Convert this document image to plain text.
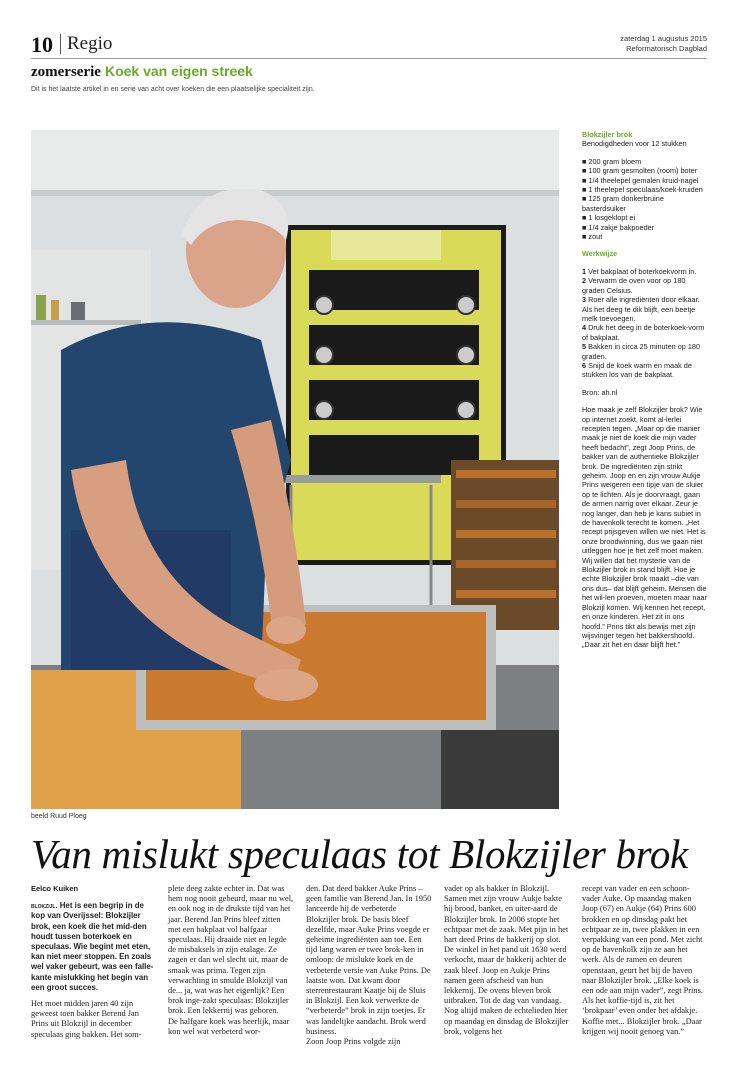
10 Regio	zaterdag 1 augustus 2015
Reformatorisch Dagblad
zomerserie Koek van eigen streek
Dit is het laatste artikel in en serie van acht over koeken die een plaatselijke specialiteit zijn.
beeld Ruud Ploeg

Blokzijler brok

Benodigdheden voor 12 stukken

■ 200 gram bloem
■ 100 gram gesmolten (room) boter
■ 1/4 theelepel gemalen kruid-nagel
■ 1 theelepel speculaas/koek-kruiden
■ 125 gram donkerbruine basterdsuiker
■ 1 losgeklopt ei
■ 1/4 zakje bakpoeder
■ zout

Werkwijze

1 Vet bakplaat of boterkoekvorm in.
2 Verwarm de oven voor op 180 graden Celsius.
3 Roer alle ingrediënten door elkaar. Als het deeg te dik blijft, een beetje melk toevoegen.
4 Druk het deeg in de boterkoek-vorm of bakplaat.
5 Bakken in circa 25 minuten op 180 graden.
6 Snijd de koek warm en maak de stukken los van de bakplaat.

Bron: ah.nl

Hoe maak je zelf Blokzijler brok? Wie op internet zoekt, komt al-lerlei recepten tegen. „Maar op die manier maak je niet de koek die mijn vader heeft bedacht”, zegt Joop Prins, de bakker van de authentieke Blokzijler brok. De ingrediënten zijn strikt geheim. Joop en en zijn vrouw Aukje Prins weigeren een tipje van de sluier op te lichten. Als je doorvraagt, gaan de armen narrig over elkaar. Zeur je nog langer, dan heb je kans subiet in de havenkolk terecht te komen. „Het recept prijsgeven willen we niet. Het is onze broodwinning, dus we gaan niet uitleggen hoe je het zelf moet maken. Wij willen dat het mysterie van de Blokzijler brok in stand blijft. Hoe je echte Blokzijler brok maakt –die van ons dus– dat blijft geheim. Mensen die het wil-len proeven, moeten maar naar Blokzijl komen. Wij kennen het recept, en onze kinderen. Het zit in ons hoofd.” Prins tikt als bewijs met zijn wijsvinger tegen het bakkershoofd. „Daar zit het en daar blijft het.”

Van mislukt speculaas tot Blokzijler brok

Eelco Kuiken

blokzijl. Het is een begrip in de kop van Overijssel: Blokzijler brok, een koek die het mid-den houdt tussen boterkoek en speculaas. Wie begint met eten, kan niet meer stoppen. En zoals wel vaker gebeurt, was een falle-kante mislukking het begin van een groot succes.

Het moet midden jaren 40 zijn geweest toen bakker Berend Jan Prins uit Blokzijl in december speculaas ging bakken. Het som-

plete deeg zakte echter in. Dat was hem nog nooit gebeurd, maar nu wel, en ook nog in de drukste tijd van het jaar. Berend Jan Prins bleef zitten met een bakplaat vol halfgaar speculaas. Hij draaide niet en legde de misbaksels in zijn etalage. Ze zagen er dan wel slecht uit, maar de smaak was prima. Tegen zijn verwachting in smulde Blokzijl van de... ja, wat was het eigenlijk? Een brok inge-zakt speculaas: Blokzijler brok. Een lekkernij was geboren.
De halfgare koek was heerlijk, maar kon wel wat verbeterd wor-

den. Dat deed bakker Auke Prins – geen familie van Berend Jan. In 1950 lanceerde hij de verbeterde Blokzijler brok. De basis bleef dezelfde, maar Auke Prins voegde er geheime ingrediënten aan toe. Een tijd lang waren er twee brok-ken in omloop: de mislukte koek en de verbeterde versie van Auke Prins. De laatste won. Dat kwam door sterrenrestaurant Kaatje bij de Sluis in Blokzijl. Een kok verwerkte de “verbeterde” brok in zijn toetjes. Er was landelijke aandacht. Brok werd business.
Zoon Joop Prins volgde zijn

vader op als bakker in Blokzijl. Samen met zijn vrouw Aukje bakte hij brood, banket, en uiter-aard de Blokzijler brok. In 2006 stopte het echtpaar met de zaak. Met pijn in het hart deed Prins de bakkerij op slot. De winkel in het pand uit 1630 werd verkocht, maar de bakkerij achter de zaak bleef. Joop en Aukje Prins namen geen afscheid van hun lekkernij. De ovens bleven brok uitbraken. Tot de dag van vandaag.
Nog altijd maken de echtelieden hier op maandag en dinsdag de Blokzijler brok, volgens het

recept van vader en een schoon-vader Auke. Op maandag maken Joop (67) en Aukje (64) Prins 600 brokken en op dinsdag pakt het echtpaar ze in, twee plakken in een verpakking van een pond. Met zicht op de havenkolk zijn ze aan het werk. Als de ramen en deuren openstaan, geurt het bij de haven naar Blokzijler brok. „Elke koek is een ode aan mijn vader”, zegt Prins. Als het koffie-tijd is, zit het ‘brokpaar’ even onder het afdakje. Koffie met... Blokzijler brok. „Daar krijgen wij nooit genoeg van.”
